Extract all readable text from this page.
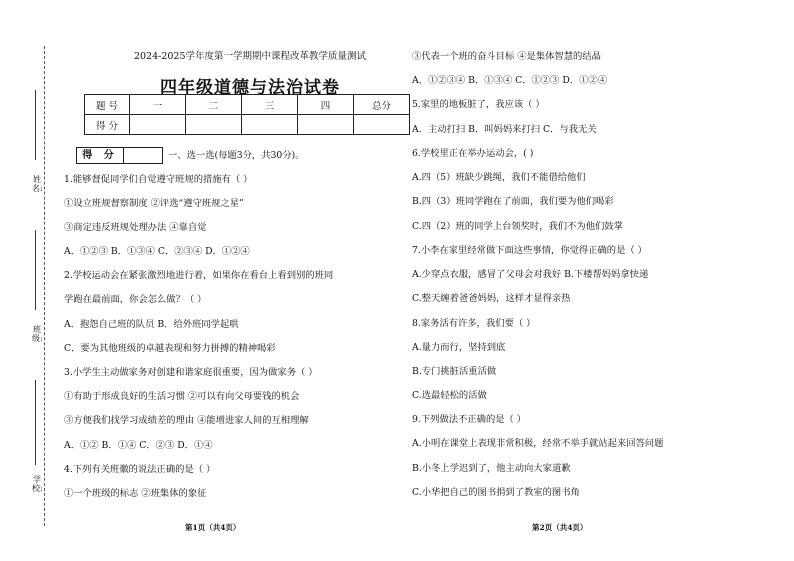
姓 名:
班 级:
学 校:
2024-2025学年度第一学期期中课程改革教学质量测试
四年级道德与法治试卷
题 号	一	二	三	四	总分
得 分					
得 分	一、选一选(每题3分，共30分)。
1.能够督促同学们自觉遵守班规的措施有（ ）
①设立班规督察制度 ②评选“遵守班规之星”
③商定违反班规处理办法 ④靠自觉
A．①②③ B．①③④ C．②③④ D．①②④
2.学校运动会在紧张激烈地进行着，如果你在看台上看到别的班同
学跑在最前面，你会怎么做？（ ）
A．抱怨自己班的队员 B．给外班同学起哄
C．要为其他班级的卓越表现和努力拼搏的精神喝彩
3.小学生主动做家务对创建和谐家庭很重要，因为做家务（ ）
①有助于形成良好的生活习惯 ②可以有向父母要钱的机会
③方便我们找学习成绩差的理由 ④能增进家人间的互相理解
A．①② B．①④ C．②③ D．①④
4.下列有关班徽的说法正确的是（ ）
①一个班级的标志 ②班集体的象征
③代表一个班的奋斗目标 ④是集体智慧的结晶
A．①②③④ B．①③④ C．①②③ D．①②④
5.家里的地板脏了，我应该（ ）
A．主动打扫 B．叫妈妈来打扫 C．与我无关
6.学校里正在举办运动会，( )
A.四（5）班缺少跳绳，我们不能借给他们
B.四（3）班同学跑在了前面，我们要为他们喝彩
C.四（2）班的同学上台领奖时，我们不为他们鼓掌
7.小李在家里经常做下面这些事情，你觉得正确的是（ ）
A.少穿点衣服，感冒了父母会对我好 B.下楼帮妈妈拿快递
C.整天缠着爸爸妈妈，这样才显得亲热
8.家务活有许多，我们要（ ）
A.量力而行，坚持到底
B.专门挑脏活重活做
C.选最轻松的活做
9.下列做法不正确的是（ ）
A.小明在课堂上表现非常积极，经常不举手就站起来回答问题
B.小冬上学迟到了，他主动向大家道歉
C.小华把自己的图书捐到了教室的图书角
第1页（共4页）	第2页（共4页）
